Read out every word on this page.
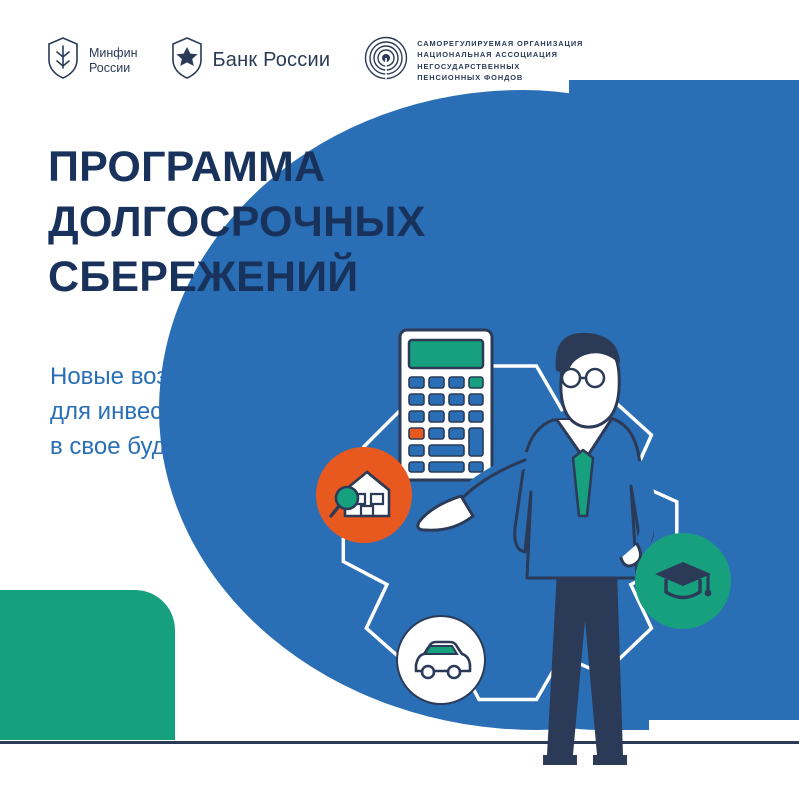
Минфин
России	Банк России
САМОРЕГУЛИРУЕМАЯ ОРГАНИЗАЦИЯ
НАЦИОНАЛЬНАЯ АССОЦИАЦИЯ
НЕГОСУДАРСТВЕННЫХ
ПЕНСИОННЫХ ФОНДОВ
ПРОГРАММА
ДОЛГОСРОЧНЫХ
СБЕРЕЖЕНИЙ
Новые возможности
для инвестиций
в свое будущее
